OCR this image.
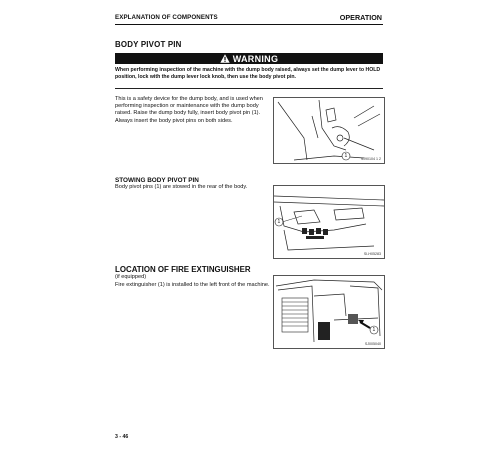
EXPLANATION OF COMPONENTS	OPERATION
BODY PIVOT PIN
WARNING
When performing inspection of the machine with the dump body raised, always set the dump lever to HOLD position, lock with the dump lever lock knob, then use the body pivot pin.
This is a safety device for the dump body, and is used when performing inspection or maintenance with the dump body raised. Raise the dump body fully, insert body pivot pin (1). Always insert the body pivot pins on both sides.
1
SJ90104 1 2
STOWING BODY PIVOT PIN
Body pivot pins (1) are stowed in the rear of the body.
1
SI-H05283
LOCATION OF FIRE EXTINGUISHER
(if equipped)
Fire extinguisher (1) is installed to the left front of the machine.
1
SJ005040
3 - 46
